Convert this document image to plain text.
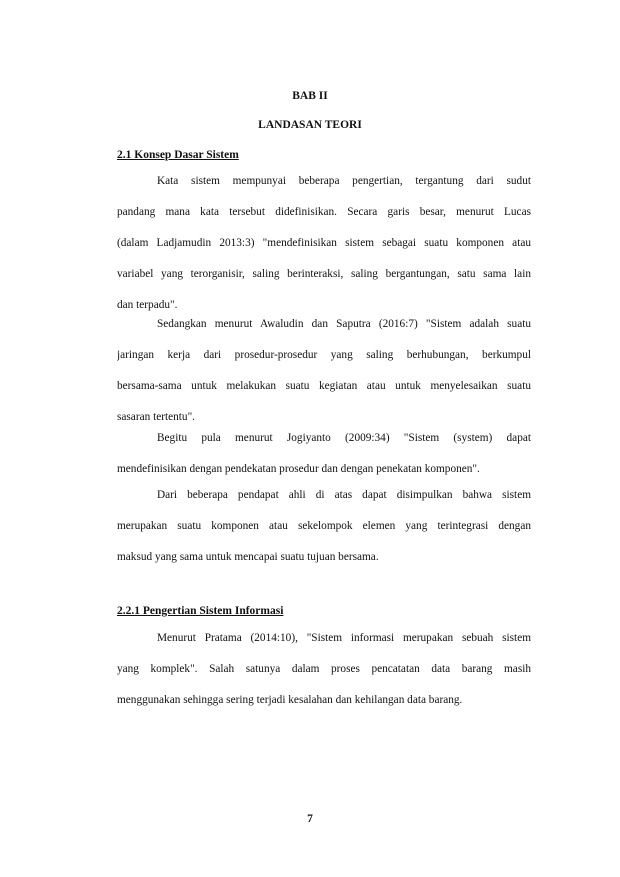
BAB II
LANDASAN TEORI
2.1 Konsep Dasar Sistem
Kata sistem mempunyai beberapa pengertian, tergantung dari sudut
pandang mana kata tersebut didefinisikan. Secara garis besar, menurut Lucas
(dalam Ladjamudin 2013:3) "mendefinisikan sistem sebagai suatu komponen atau
variabel yang terorganisir, saling berinteraksi, saling bergantungan, satu sama lain
dan terpadu".
Sedangkan menurut Awaludin dan Saputra (2016:7) "Sistem adalah suatu
jaringan kerja dari prosedur-prosedur yang saling berhubungan, berkumpul
bersama-sama untuk melakukan suatu kegiatan atau untuk menyelesaikan suatu
sasaran tertentu".
Begitu pula menurut Jogiyanto (2009:34) "Sistem (system) dapat
mendefinisikan dengan pendekatan prosedur dan dengan penekatan komponen".
Dari beberapa pendapat ahli di atas dapat disimpulkan bahwa sistem
merupakan suatu komponen atau sekelompok elemen yang terintegrasi dengan
maksud yang sama untuk mencapai suatu tujuan bersama.
2.2.1 Pengertian Sistem Informasi
Menurut Pratama (2014:10), "Sistem informasi merupakan sebuah sistem
yang komplek". Salah satunya dalam proses pencatatan data barang masih
menggunakan sehingga sering terjadi kesalahan dan kehilangan data barang.
7
